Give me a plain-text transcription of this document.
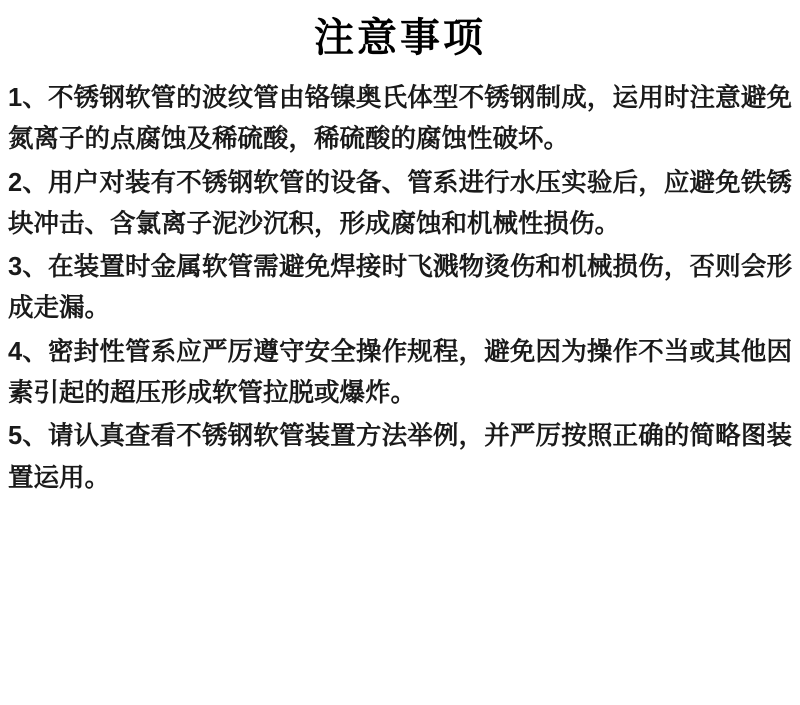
注意事项

1、不锈钢软管的波纹管由铬镍奥氏体型不锈钢制成，运用时注意避免氮离子的点腐蚀及稀硫酸，稀硫酸的腐蚀性破坏。

2、用户对装有不锈钢软管的设备、管系进行水压实验后，应避免铁锈块冲击、含氯离子泥沙沉积，形成腐蚀和机械性损伤。

3、在装置时金属软管需避免焊接时飞溅物烫伤和机械损伤，否则会形成走漏。

4、密封性管系应严厉遵守安全操作规程，避免因为操作不当或其他因素引起的超压形成软管拉脱或爆炸。

5、请认真查看不锈钢软管装置方法举例，并严厉按照正确的简略图装置运用。
